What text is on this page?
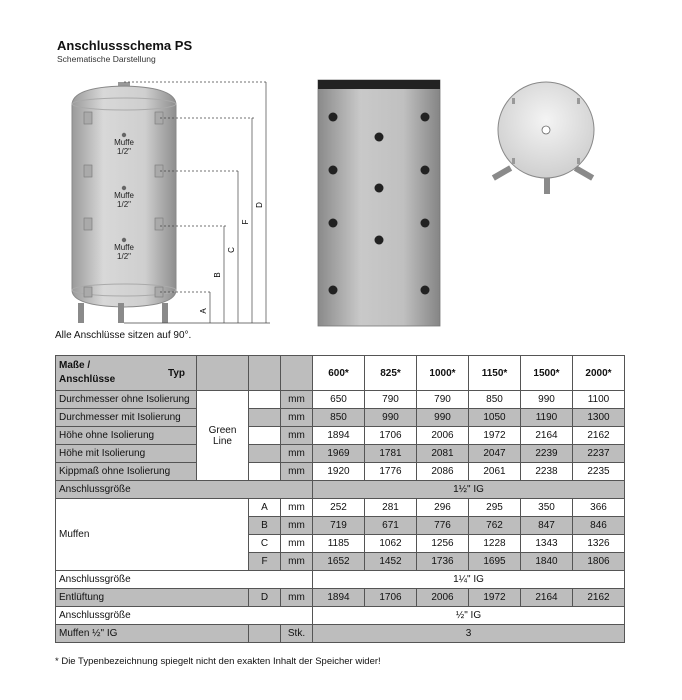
Anschlussschema PS
Schematische Darstellung
Muffe
1/2"
Muffe
1/2"
Muffe
1/2"
A
B
C
F
D
Alle Anschlüsse sitzen auf 90°.
Maße /
Anschlüsse
Typ				600*	825*	1000*	1150*	1500*	2000*
Durchmesser ohne Isolierung	Green
Line		mm	650	790	790	850	990	1100
Durchmesser mit Isolierung			mm	850	990	990	1050	1190	1300
Höhe ohne Isolierung			mm	1894	1706	2006	1972	2164	2162
Höhe mit Isolierung			mm	1969	1781	2081	2047	2239	2237
Kippmaß ohne Isolierung			mm	1920	1776	2086	2061	2238	2235
Anschlussgröße				1½" IG					
Muffen		A	mm	252	281	296	295	350	366
		B	mm	719	671	776	762	847	846
		C	mm	1185	1062	1256	1228	1343	1326
		F	mm	1652	1452	1736	1695	1840	1806
Anschlussgröße				1¼" IG					
Entlüftung		D	mm	1894	1706	2006	1972	2164	2162
Anschlussgröße				½" IG					
Muffen ½" IG			Stk.	3					
* Die Typenbezeichnung spiegelt nicht den exakten Inhalt der Speicher wider!
